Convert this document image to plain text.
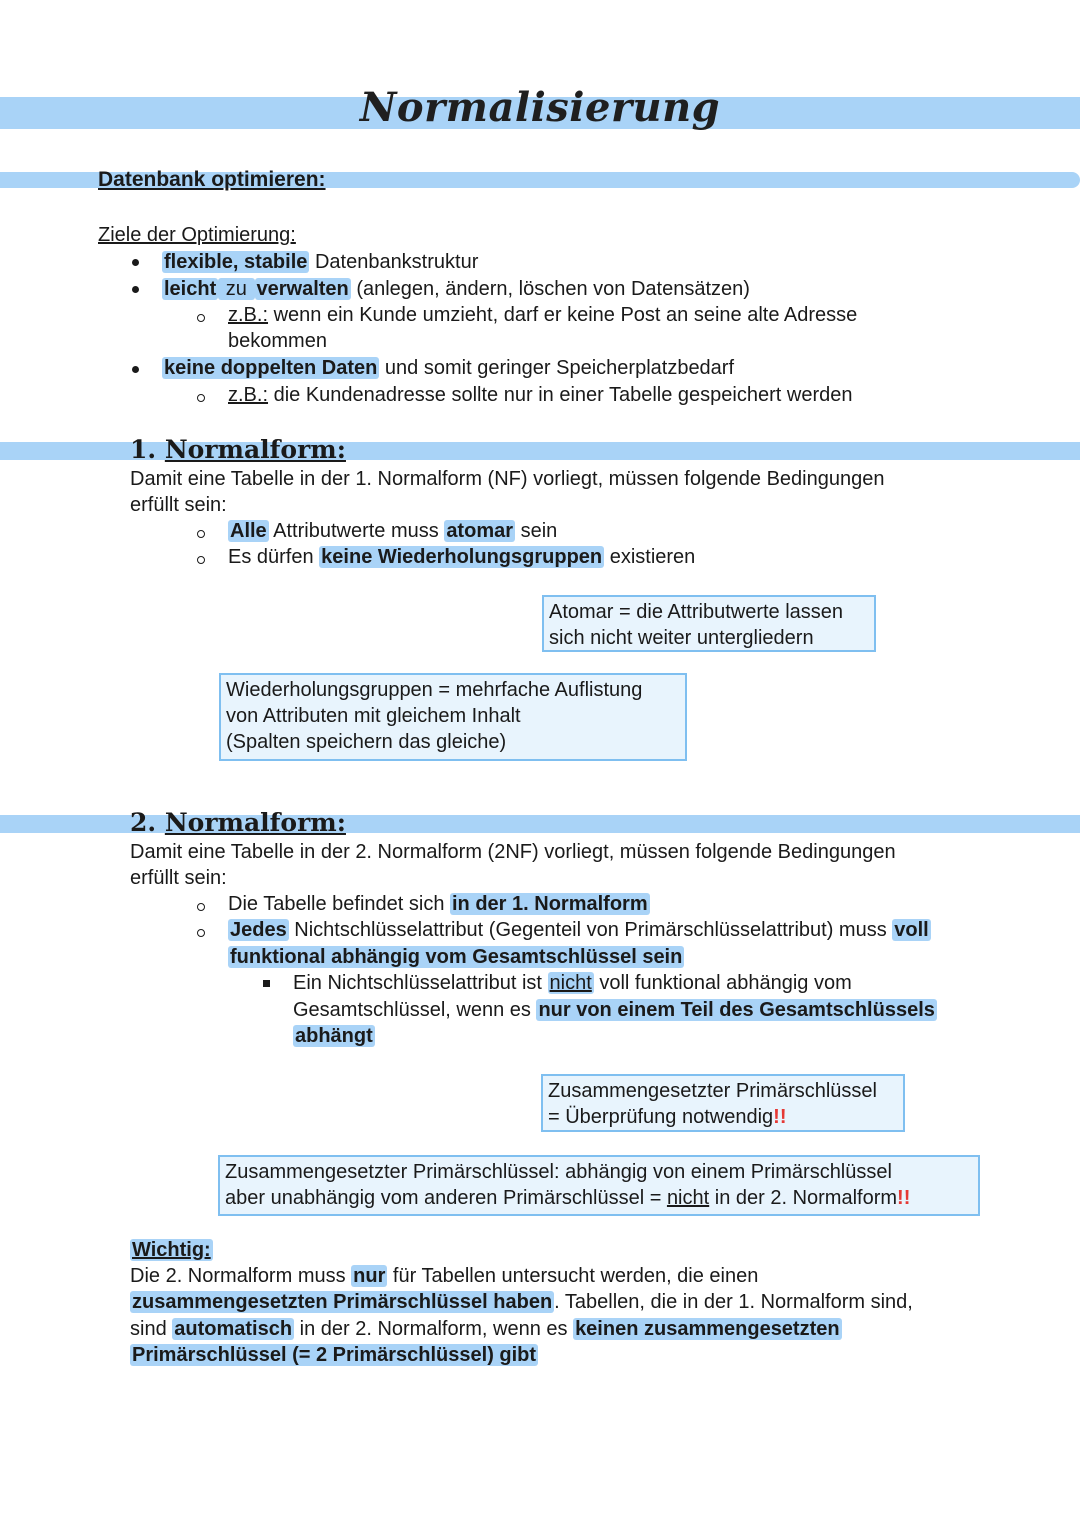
Normalisierung
Datenbank optimieren:
Ziele der Optimierung:
flexible, stabile Datenbankstruktur
leicht zu verwalten (anlegen, ändern, löschen von Datensätzen)
z.B.: wenn ein Kunde umzieht, darf er keine Post an seine alte Adresse
bekommen
keine doppelten Daten und somit geringer Speicherplatzbedarf
z.B.: die Kundenadresse sollte nur in einer Tabelle gespeichert werden
1. Normalform:
Damit eine Tabelle in der 1. Normalform (NF) vorliegt, müssen folgende Bedingungen
erfüllt sein:
Alle Attributwerte muss atomar sein
Es dürfen keine Wiederholungsgruppen existieren
Atomar = die Attributwerte lassen
sich nicht weiter untergliedern
Wiederholungsgruppen = mehrfache Auflistung
von Attributen mit gleichem Inhalt
(Spalten speichern das gleiche)
2. Normalform:
Damit eine Tabelle in der 2. Normalform (2NF) vorliegt, müssen folgende Bedingungen
erfüllt sein:
Die Tabelle befindet sich in der 1. Normalform
Jedes Nichtschlüsselattribut (Gegenteil von Primärschlüsselattribut) muss voll
funktional abhängig vom Gesamtschlüssel sein
Ein Nichtschlüsselattribut ist nicht voll funktional abhängig vom
Gesamtschlüssel, wenn es nur von einem Teil des Gesamtschlüssels
abhängt
Zusammengesetzter Primärschlüssel
= Überprüfung notwendig!!
Zusammengesetzter Primärschlüssel: abhängig von einem Primärschlüssel
aber unabhängig vom anderen Primärschlüssel = nicht in der 2. Normalform!!
Wichtig:
Die 2. Normalform muss nur für Tabellen untersucht werden, die einen
zusammengesetzten Primärschlüssel haben . Tabellen, die in der 1. Normalform sind,
sind automatisch in der 2. Normalform, wenn es keinen zusammengesetzten
Primärschlüssel (= 2 Primärschlüssel) gibt
